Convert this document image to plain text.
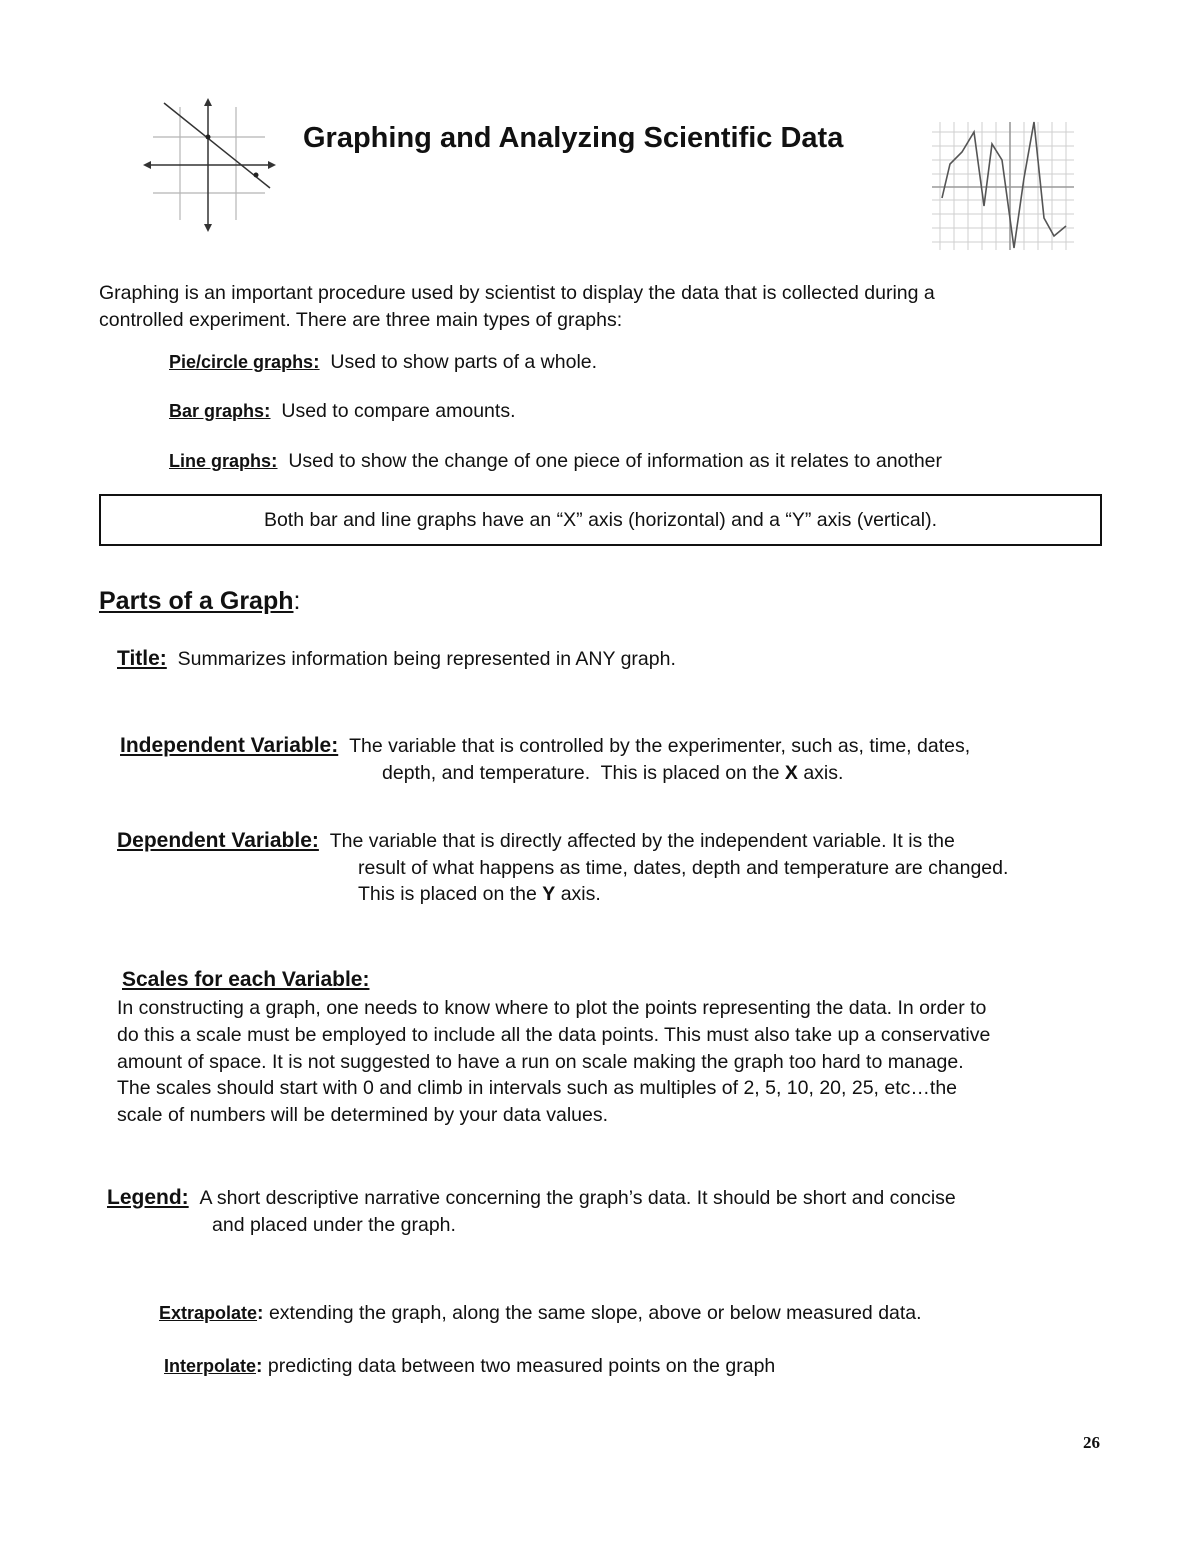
Graphing and Analyzing Scientific Data
Graphing is an important procedure used by scientist to display the data that is collected during a
controlled experiment. There are three main types of graphs:
Pie/circle graphs:  Used to show parts of a whole.
Bar graphs:  Used to compare amounts.
Line graphs:  Used to show the change of one piece of information as it relates to another
Both bar and line graphs have an “X” axis (horizontal) and a “Y” axis (vertical).
Parts of a Graph:
Title: Summarizes information being represented in ANY graph.
Independent Variable: The variable that is controlled by the experimenter, such as, time, dates,
depth, and temperature.  This is placed on the X axis.
Dependent Variable: The variable that is directly affected by the independent variable. It is the
result of what happens as time, dates, depth and temperature are changed.
This is placed on the Y axis.
Scales for each Variable:
In constructing a graph, one needs to know where to plot the points representing the data. In order to
do this a scale must be employed to include all the data points. This must also take up a conservative
amount of space. It is not suggested to have a run on scale making the graph too hard to manage.
The scales should start with 0 and climb in intervals such as multiples of 2, 5, 10, 20, 25, etc…the
scale of numbers will be determined by your data values.
Legend: A short descriptive narrative concerning the graph’s data. It should be short and concise
and placed under the graph.
Extrapolate: extending the graph, along the same slope, above or below measured data.
Interpolate: predicting data between two measured points on the graph
26
